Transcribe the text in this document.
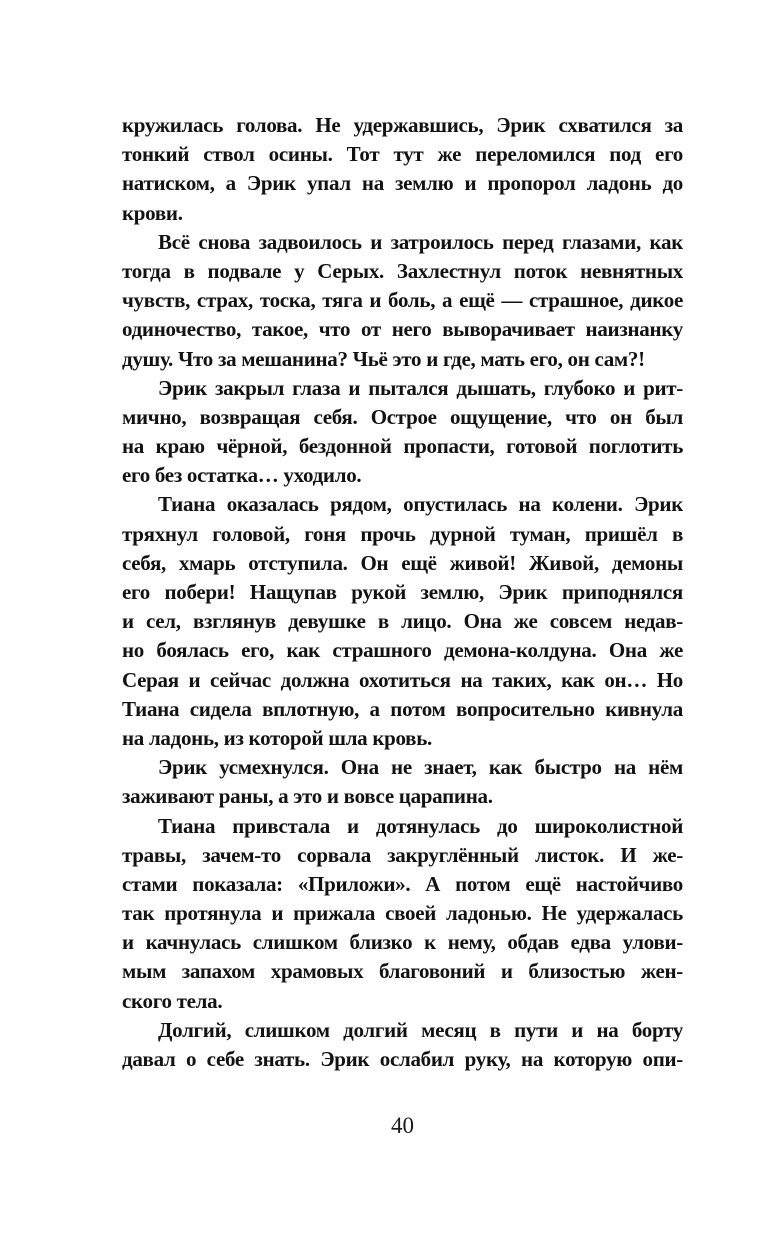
кружилась голова. Не удержавшись, Эрик схватился за
тонкий ствол осины. Тот тут же переломился под его
натиском, а Эрик упал на землю и пропорол ладонь до
крови.
Всё снова задвоилось и затроилось перед глазами, как
тогда в подвале у Серых. Захлестнул поток невнятных
чувств, страх, тоска, тяга и боль, а ещё — страшное, дикое
одиночество, такое, что от него выворачивает наизнанку
душу. Что за мешанина? Чьё это и где, мать его, он сам?!
Эрик закрыл глаза и пытался дышать, глубоко и рит-
мично, возвращая себя. Острое ощущение, что он был
на краю чёрной, бездонной пропасти, готовой поглотить
его без остатка… уходило.
Тиана оказалась рядом, опустилась на колени. Эрик
тряхнул головой, гоня прочь дурной туман, пришёл в
себя, хмарь отступила. Он ещё живой! Живой, демоны
его побери! Нащупав рукой землю, Эрик приподнялся
и сел, взглянув девушке в лицо. Она же совсем недав-
но боялась его, как страшного демона-колдуна. Она же
Серая и сейчас должна охотиться на таких, как он… Но
Тиана сидела вплотную, а потом вопросительно кивнула
на ладонь, из которой шла кровь.
Эрик усмехнулся. Она не знает, как быстро на нём
заживают раны, а это и вовсе царапина.
Тиана привстала и дотянулась до широколистной
травы, зачем-то сорвала закруглённый листок. И же-
стами показала: «Приложи». А потом ещё настойчиво
так протянула и прижала своей ладонью. Не удержалась
и качнулась слишком близко к нему, обдав едва улови-
мым запахом храмовых благовоний и близостью жен-
ского тела.
Долгий, слишком долгий месяц в пути и на борту
давал о себе знать. Эрик ослабил руку, на которую опи-
40
